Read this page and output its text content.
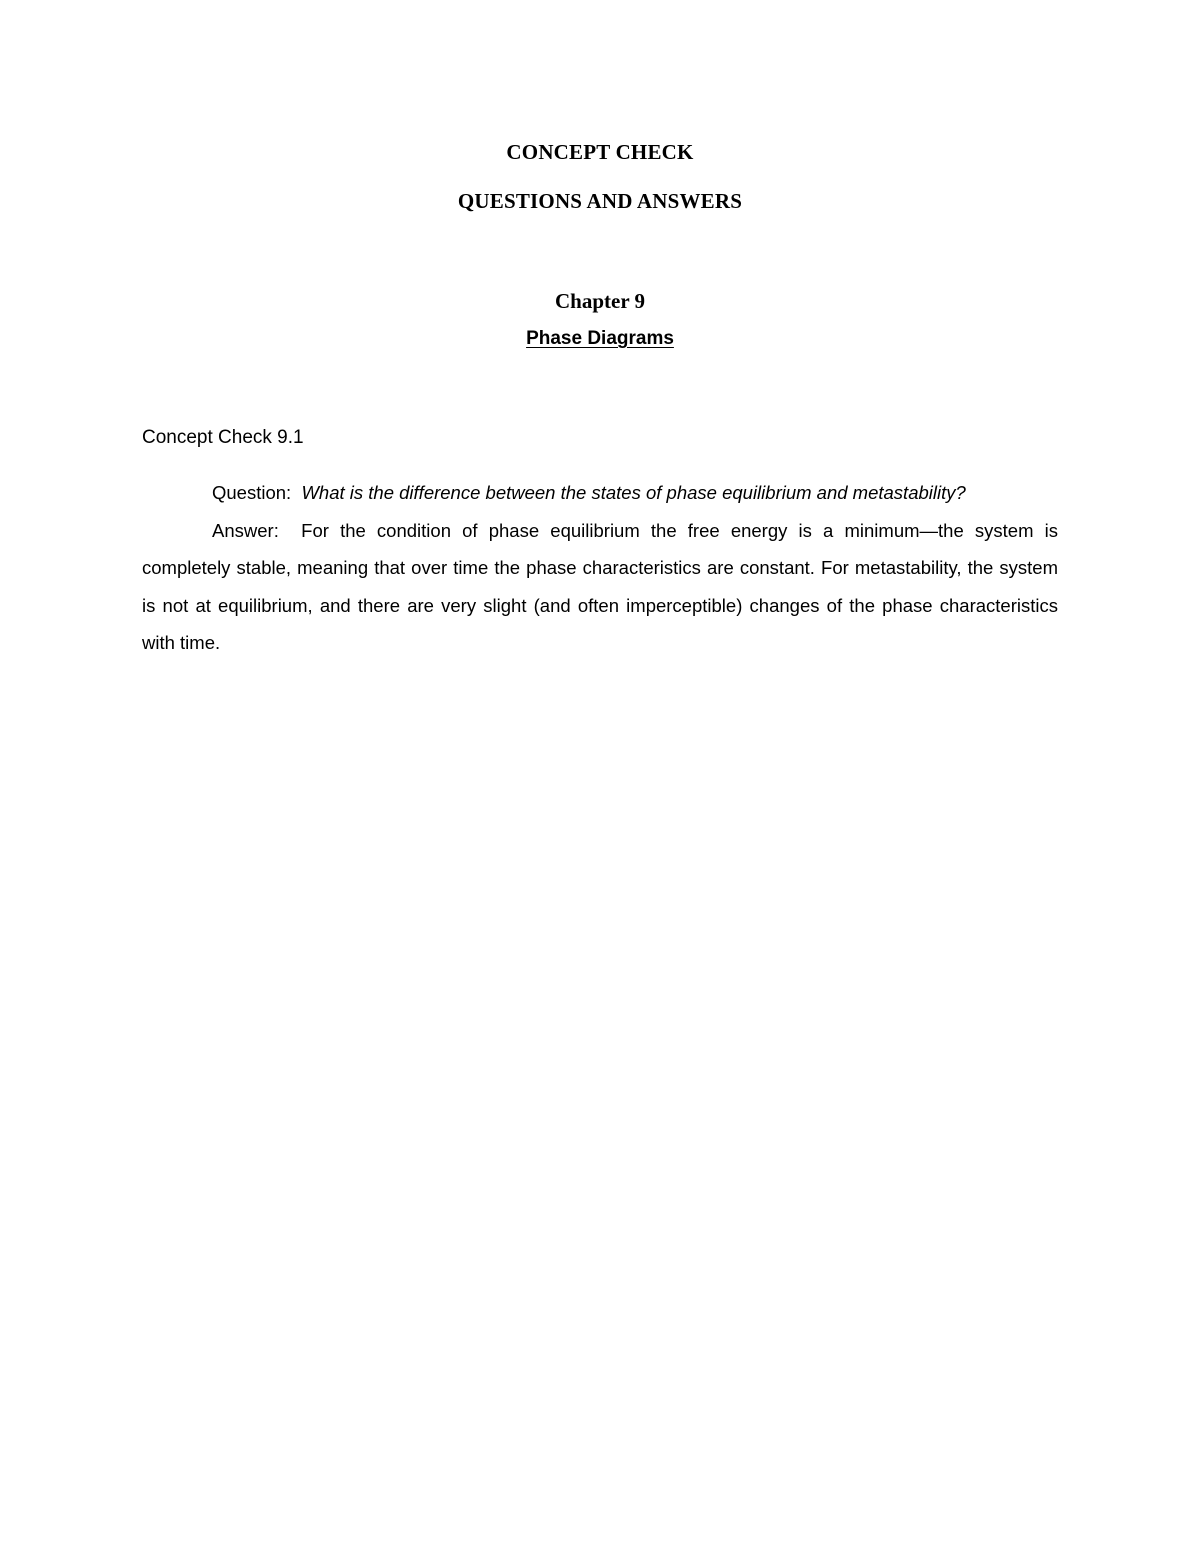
CONCEPT CHECK
QUESTIONS AND ANSWERS
Chapter 9
Phase Diagrams

Concept Check 9.1

Question: What is the difference between the states of phase equilibrium and metastability?

Answer: For the condition of phase equilibrium the free energy is a minimum—the system is completely stable, meaning that over time the phase characteristics are constant. For metastability, the system is not at equilibrium, and there are very slight (and often imperceptible) changes of the phase characteristics with time.
